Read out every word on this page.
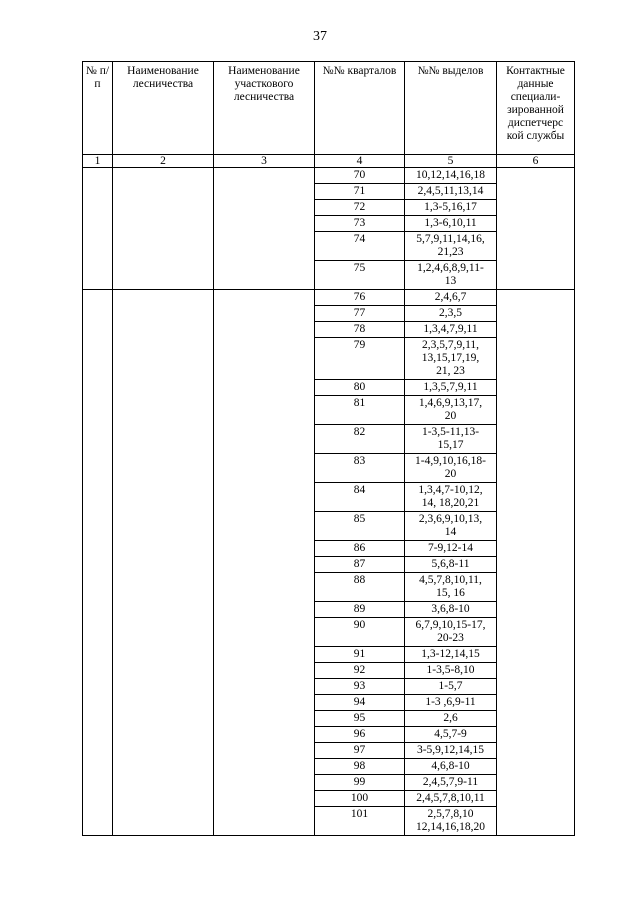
37
№ п/п	Наименование лесничества	Наименование участкового лесничества	№№ кварталов	№№ выделов	Контактные данные специали-зированной диспетчерс кой службы
1	2	3	4	5	6
			70	10,12,14,16,18	
			71	2,4,5,11,13,14	
			72	1,3-5,16,17	
			73	1,3-6,10,11	
			74	5,7,9,11,14,16,
21,23	
			75	1,2,4,6,8,9,11-
13	
			76	2,4,6,7	
			77	2,3,5	
			78	1,3,4,7,9,11	
			79	2,3,5,7,9,11,
13,15,17,19,
21, 23	
			80	1,3,5,7,9,11	
			81	1,4,6,9,13,17,
20	
			82	1-3,5-11,13-
15,17	
			83	1-4,9,10,16,18-
20	
			84	1,3,4,7-10,12,
14, 18,20,21	
			85	2,3,6,9,10,13,
14	
			86	7-9,12-14	
			87	5,6,8-11	
			88	4,5,7,8,10,11,
15, 16	
			89	3,6,8-10	
			90	6,7,9,10,15-17,
20-23	
			91	1,3-12,14,15	
			92	1-3,5-8,10	
			93	1-5,7	
			94	1-3 ,6,9-11	
			95	2,6	
			96	4,5,7-9	
			97	3-5,9,12,14,15	
			98	4,6,8-10	
			99	2,4,5,7,9-11	
			100	2,4,5,7,8,10,11	
			101	2,5,7,8,10
12,14,16,18,20	
